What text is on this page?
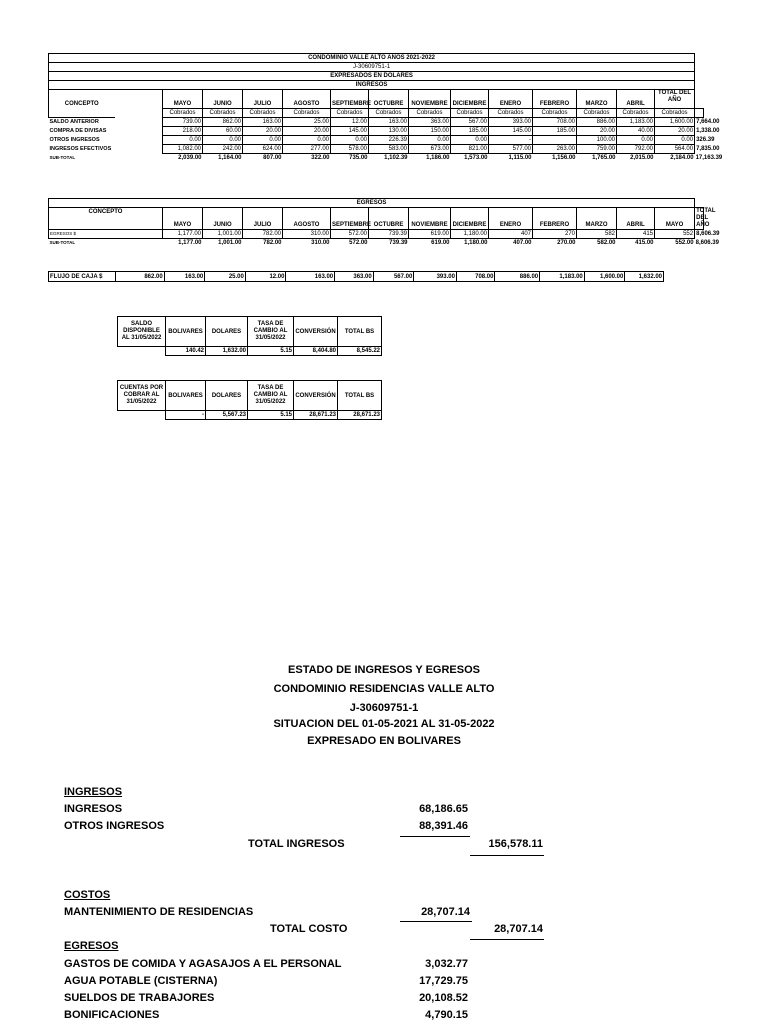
CONDOMINIO VALLE ALTO AÑOS 2021-2022															
J-30609751-1															
EXPRESADOS EN DOLARES															
INGRESOS															
CONCEPTO		MAYO	JUNIO	JULIO	AGOSTO	SEPTIEMBRE	OCTUBRE	NOVIEMBRE	DICIEMBRE	ENERO	FEBRERO	MARZO	ABRIL	TOTAL DEL AÑO	
		Cobrados	Cobrados	Cobrados	Cobrados	Cobrados	Cobrados	Cobrados	Cobrados	Cobrados	Cobrados	Cobrados	Cobrados	Cobrados	
SALDO ANTERIOR		739.00	862.00	163.00	25.00	12.00	163.00	363.00	567.00	393.00	708.00	886.00	1,183.00	1,600.00	7,664.00
COMPRA DE DIVISAS		218.00	60.00	20.00	20.00	145.00	130.00	150.00	185.00	145.00	185.00	20.00	40.00	20.00	1,338.00
OTROS INGRESOS		0.00	0.00	0.00	0.00	0.00	226.39	0.00	0.00	-		100.00	0.00	0.00	326.39
INGRESOS EFECTIVOS		1,082.00	242.00	624.00	277.00	578.00	583.00	673.00	821.00	577.00	263.00	759.00	792.00	564.00	7,835.00
SUB-TOTAL		2,039.00	1,164.00	807.00	322.00	735.00	1,102.39	1,186.00	1,573.00	1,115.00	1,156.00	1,765.00	2,015.00	2,184.00	17,163.39
EGRESOS														
CONCEPTO	MAYO	JUNIO	JULIO	AGOSTO	SEPTIEMBRE	OCTUBRE	NOVIEMBRE	DICIEMBRE	ENERO	FEBRERO	MARZO	ABRIL	MAYO	TOTAL DEL AÑO
EGRESOS $	1,177.00	1,001.00	782.00	310.00	572.00	739.39	619.00	1,180.00	407	270	582	415	552	8,606.39
SUB-TOTAL	1,177.00	1,001.00	782.00	310.00	572.00	739.39	619.00	1,180.00	407.00	270.00	582.00	415.00	552.00	8,606.39
FLUJO DE CAJA $	862.00	163.00	25.00	12.00	163.00	363.00	567.00	393.00	708.00	886.00	1,183.00	1,600.00	1,632.00
SALDO DISPONIBLE AL 31/05/2022	BOLIVARES	DOLARES	TASA DE CAMBIO AL 31/05/2022	CONVERSIÓN	TOTAL BS
	140.42	1,632.00	5.15	8,404.80	8,545.22
CUENTAS POR COBRAR AL 31/05/2022	BOLIVARES	DOLARES	TASA DE CAMBIO AL 31/05/2022	CONVERSIÓN	TOTAL BS
	-	5,567.23	5.15	28,671.23	28,671.23
ESTADO DE INGRESOS Y EGRESOS
CONDOMINIO RESIDENCIAS VALLE ALTO
J-30609751-1
SITUACION DEL 01-05-2021 AL 31-05-2022
EXPRESADO EN BOLIVARES
INGRESOS
INGRESOS	68,186.65
OTROS INGRESOS	88,391.46
TOTAL INGRESOS	156,578.11
COSTOS
MANTENIMIENTO DE RESIDENCIAS	28,707.14
TOTAL COSTO	28,707.14
EGRESOS
GASTOS DE COMIDA Y AGASAJOS A EL PERSONAL	3,032.77
AGUA POTABLE (CISTERNA)	17,729.75
SUELDOS DE TRABAJORES	20,108.52
BONIFICACIONES	4,790.15
